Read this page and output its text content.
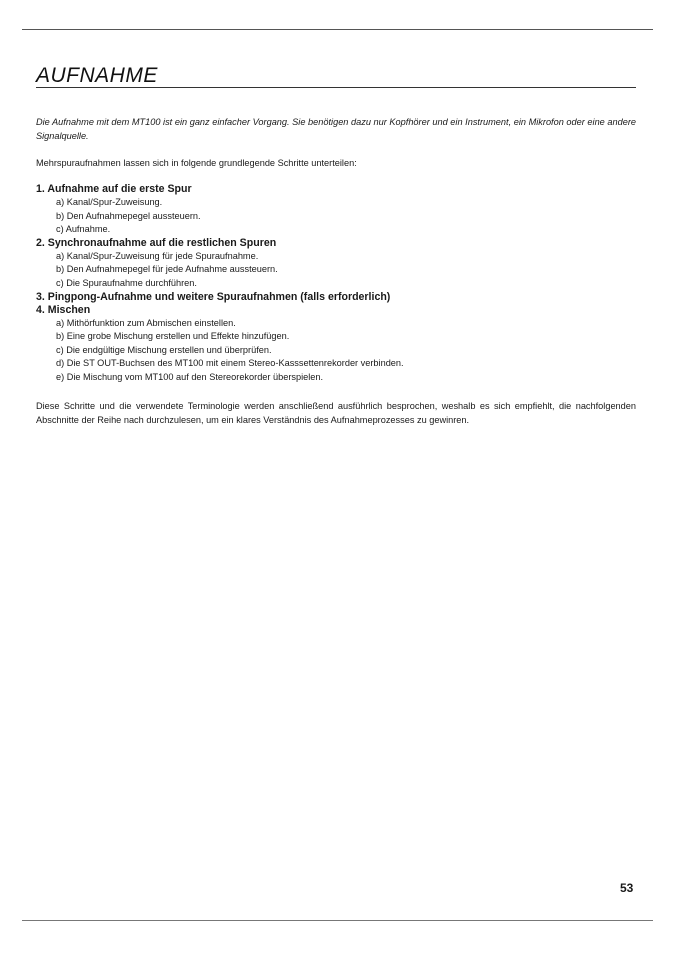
AUFNAHME

Die Aufnahme mit dem MT100 ist ein ganz einfacher Vorgang. Sie benötigen dazu nur Kopfhörer und ein Instrument, ein Mikrofon oder eine andere Signalquelle.

Mehrspuraufnahmen lassen sich in folgende grundlegende Schritte unterteilen:

1. Aufnahme auf die erste Spur

a) Kanal/Spur-Zuweisung.
b) Den Aufnahmepegel aussteuern.
c) Aufnahme.

2. Synchronaufnahme auf die restlichen Spuren

a) Kanal/Spur-Zuweisung für jede Spuraufnahme.
b) Den Aufnahmepegel für jede Aufnahme aussteuern.
c) Die Spuraufnahme durchführen.

3. Pingpong-Aufnahme und weitere Spuraufnahmen (falls erforderlich)

4. Mischen

a) Mithörfunktion zum Abmischen einstellen.
b) Eine grobe Mischung erstellen und Effekte hinzufügen.
c) Die endgültige Mischung erstellen und überprüfen.
d) Die ST OUT-Buchsen des MT100 mit einem Stereo-Kasssettenrekorder verbinden.
e) Die Mischung vom MT100 auf den Stereorekorder überspielen.

Diese Schritte und die verwendete Terminologie werden anschließend ausführlich besprochen, weshalb es sich empfiehlt, die nachfolgenden Abschnitte der Reihe nach durchzulesen, um ein klares Verständnis des Aufnahmeprozesses zu gewinren.

53
